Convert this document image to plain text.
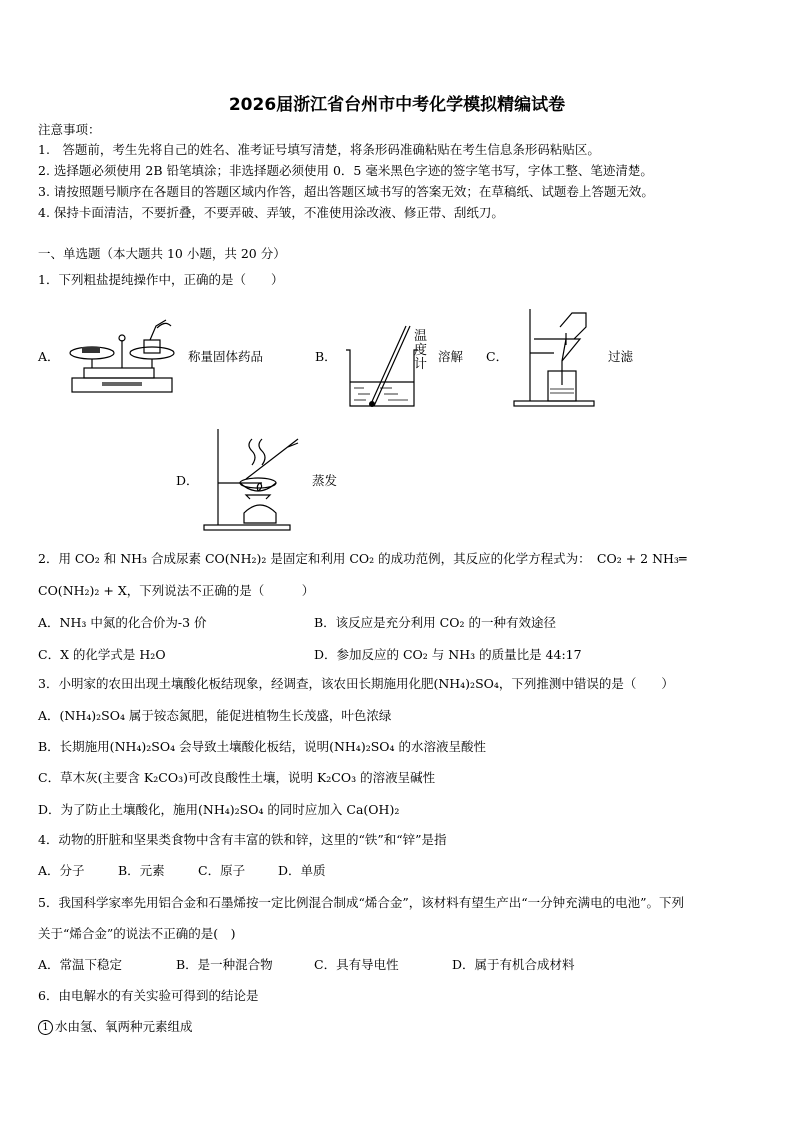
2026届浙江省台州市中考化学模拟精编试卷
注意事项：
1.　答题前，考生先将自己的姓名、准考证号填写清楚，将条形码准确粘贴在考生信息条形码粘贴区。
2. 选择题必须使用 2B 铅笔填涂；非选择题必须使用 0．5 毫米黑色字迹的签字笔书写，字体工整、笔迹清楚。
3. 请按照题号顺序在各题目的答题区域内作答，超出答题区域书写的答案无效；在草稿纸、试题卷上答题无效。
4. 保持卡面清洁，不要折叠，不要弄破、弄皱，不准使用涂改液、修正带、刮纸刀。
一、单选题（本大题共 10 小题，共 20 分）
1．下列粗盐提纯操作中，正确的是（　　）
A．	称量固体药品	B．
温
度
计
溶解 C．	过滤
D．	蒸发
2．用 CO₂ 和 NH₃ 合成尿素 CO(NH₂)₂ 是固定和利用 CO₂ 的成功范例，其反应的化学方程式为：　CO₂ + 2 NH₃═
CO(NH₂)₂ + X，下列说法不正确的是（　　　）
A．NH₃ 中氮的化合价为-3 价	B．该反应是充分利用 CO₂ 的一种有效途径
C．X 的化学式是 H₂O	D．参加反应的 CO₂ 与 NH₃ 的质量比是 44:17
3．小明家的农田出现土壤酸化板结现象，经调查，该农田长期施用化肥(NH₄)₂SO₄，下列推测中错误的是（　　）
A．(NH₄)₂SO₄ 属于铵态氮肥，能促进植物生长茂盛，叶色浓绿
B．长期施用(NH₄)₂SO₄ 会导致土壤酸化板结，说明(NH₄)₂SO₄ 的水溶液呈酸性
C．草木灰(主要含 K₂CO₃)可改良酸性土壤，说明 K₂CO₃ 的溶液呈碱性
D．为了防止土壤酸化，施用(NH₄)₂SO₄ 的同时应加入 Ca(OH)₂
4．动物的肝脏和坚果类食物中含有丰富的铁和锌，这里的“铁”和“锌”是指
A．分子	B．元素	C．原子	D．单质
5．我国科学家率先用铝合金和石墨烯按一定比例混合制成“烯合金”，该材料有望生产出“一分钟充满电的电池”。下列
关于“烯合金”的说法不正确的是(　)
A．常温下稳定	B．是一种混合物	C．具有导电性	D．属于有机合成材料
6．由电解水的有关实验可得到的结论是
1 水由氢、氧两种元素组成
